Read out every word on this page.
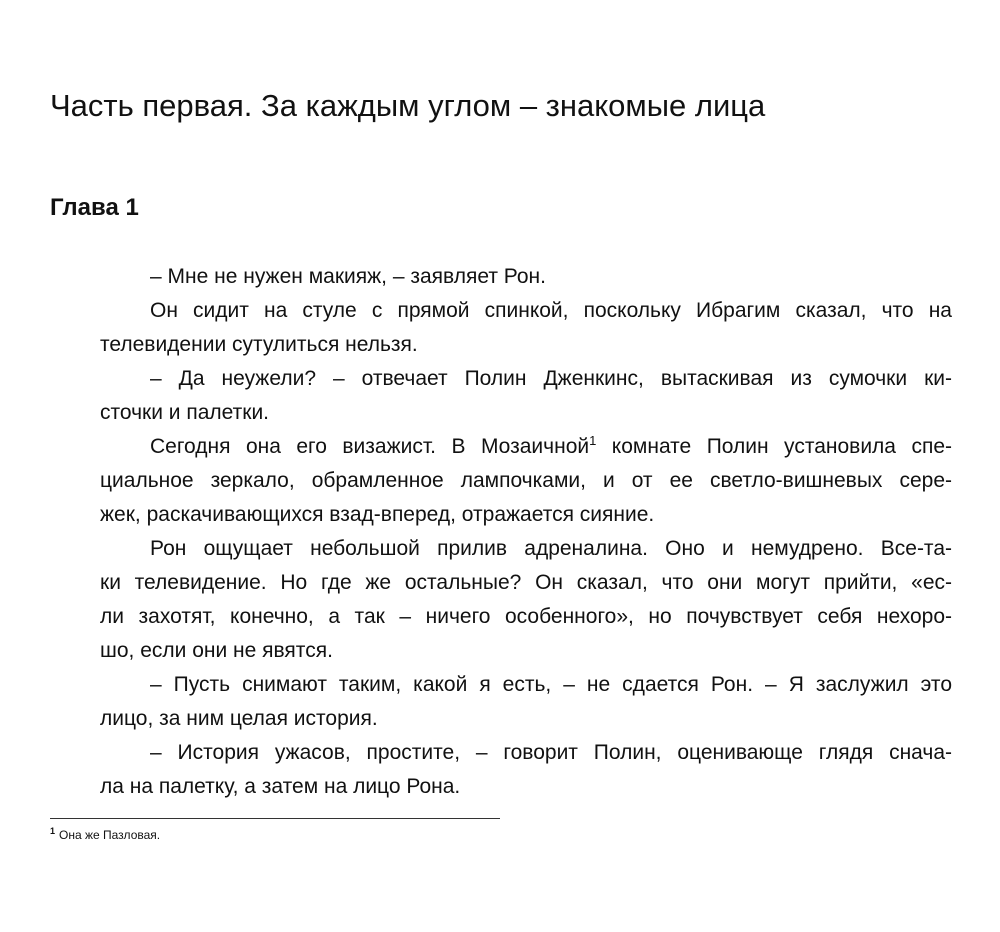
Часть первая. За каждым углом – знакомые лица
Глава 1
– Мне не нужен макияж, – заявляет Рон.
Он сидит на стуле с прямой спинкой, поскольку Ибрагим сказал, что на
телевидении сутулиться нельзя.
– Да неужели? – отвечает Полин Дженкинс, вытаскивая из сумочки ки-
сточки и палетки.
Сегодня она его визажист. В Мозаичной$^1$ комнате Полин установила спе-
циальное зеркало, обрамленное лампочками, и от ее светло-вишневых сере-
жек, раскачивающихся взад-вперед, отражается сияние.
Рон ощущает небольшой прилив адреналина. Оно и немудрено. Все-та-
ки телевидение. Но где же остальные? Он сказал, что они могут прийти, «ес-
ли захотят, конечно, а так – ничего особенного», но почувствует себя нехоро-
шо, если они не явятся.
– Пусть снимают таким, какой я есть, – не сдается Рон. – Я заслужил это
лицо, за ним целая история.
– История ужасов, простите, – говорит Полин, оценивающе глядя снача-
ла на палетку, а затем на лицо Рона.
$^1$ Она же Пазловая.
